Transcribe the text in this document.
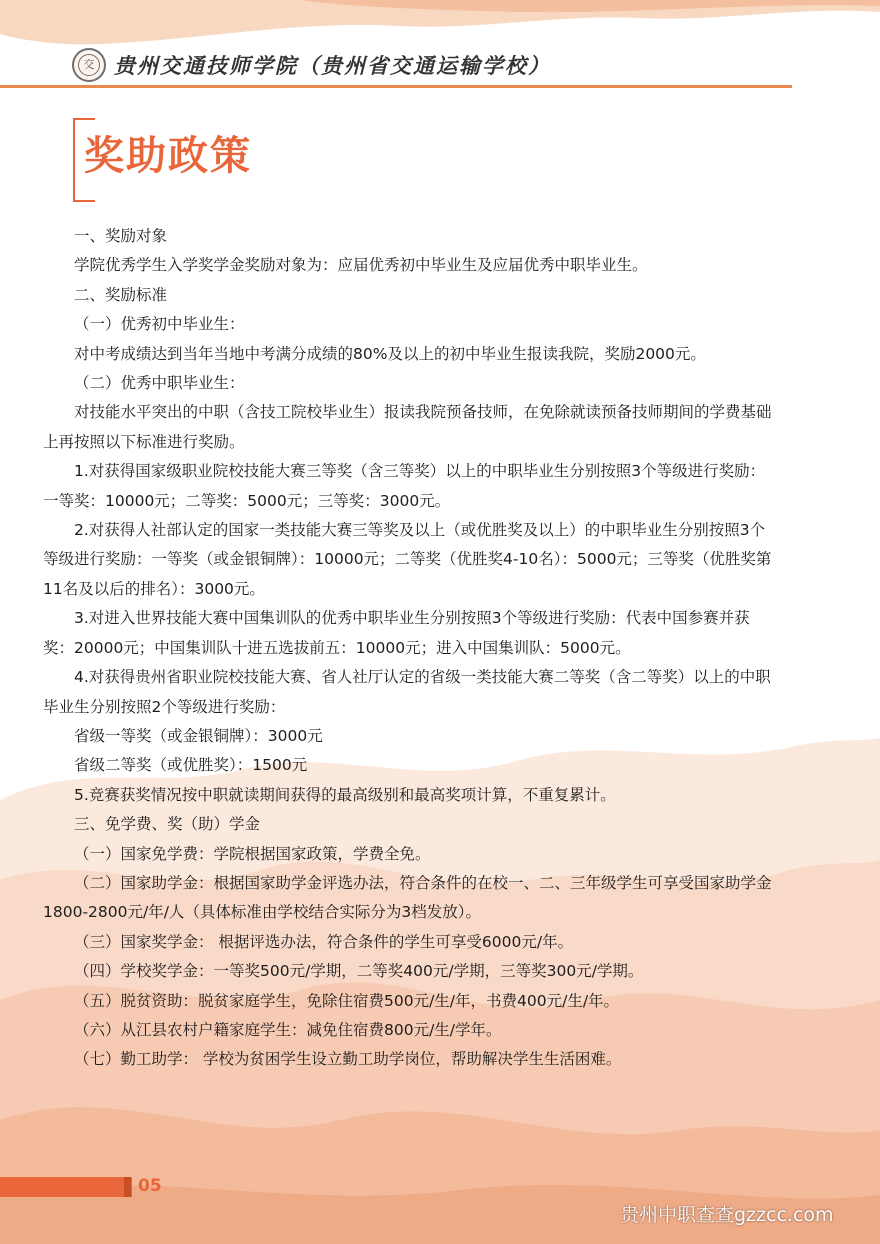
交 贵州交通技师学院（贵州省交通运输学校）
奖助政策

一、奖励对象

学院优秀学生入学奖学金奖励对象为：应届优秀初中毕业生及应届优秀中职毕业生。

二、奖励标准

（一）优秀初中毕业生：

对中考成绩达到当年当地中考满分成绩的80%及以上的初中毕业生报读我院，奖励2000元。

（二）优秀中职毕业生：

对技能水平突出的中职（含技工院校毕业生）报读我院预备技师，在免除就读预备技师期间的学费基础上再按照以下标准进行奖励。

1.对获得国家级职业院校技能大赛三等奖（含三等奖）以上的中职毕业生分别按照3个等级进行奖励：一等奖：10000元；二等奖：5000元；三等奖：3000元。

2.对获得人社部认定的国家一类技能大赛三等奖及以上（或优胜奖及以上）的中职毕业生分别按照3个等级进行奖励：一等奖（或金银铜牌）：10000元；二等奖（优胜奖4-10名）：5000元；三等奖（优胜奖第11名及以后的排名）：3000元。

3.对进入世界技能大赛中国集训队的优秀中职毕业生分别按照3个等级进行奖励：代表中国参赛并获奖：20000元；中国集训队十进五选拔前五：10000元；进入中国集训队：5000元。

4.对获得贵州省职业院校技能大赛、省人社厅认定的省级一类技能大赛二等奖（含二等奖）以上的中职毕业生分别按照2个等级进行奖励：

省级一等奖（或金银铜牌）：3000元

省级二等奖（或优胜奖）：1500元

5.竞赛获奖情况按中职就读期间获得的最高级别和最高奖项计算，不重复累计。

三、免学费、奖（助）学金

（一）国家免学费：学院根据国家政策，学费全免。

（二）国家助学金：根据国家助学金评选办法，符合条件的在校一、二、三年级学生可享受国家助学金1800-2800元/年/人（具体标准由学校结合实际分为3档发放）。

（三）国家奖学金： 根据评选办法，符合条件的学生可享受6000元/年。

（四）学校奖学金：一等奖500元/学期，二等奖400元/学期，三等奖300元/学期。

（五）脱贫资助：脱贫家庭学生，免除住宿费500元/生/年，书费400元/生/年。

（六）从江县农村户籍家庭学生：减免住宿费800元/生/学年。

（七）勤工助学： 学校为贫困学生设立勤工助学岗位，帮助解决学生生活困难。

05
贵州中职查查gzzcc.com
